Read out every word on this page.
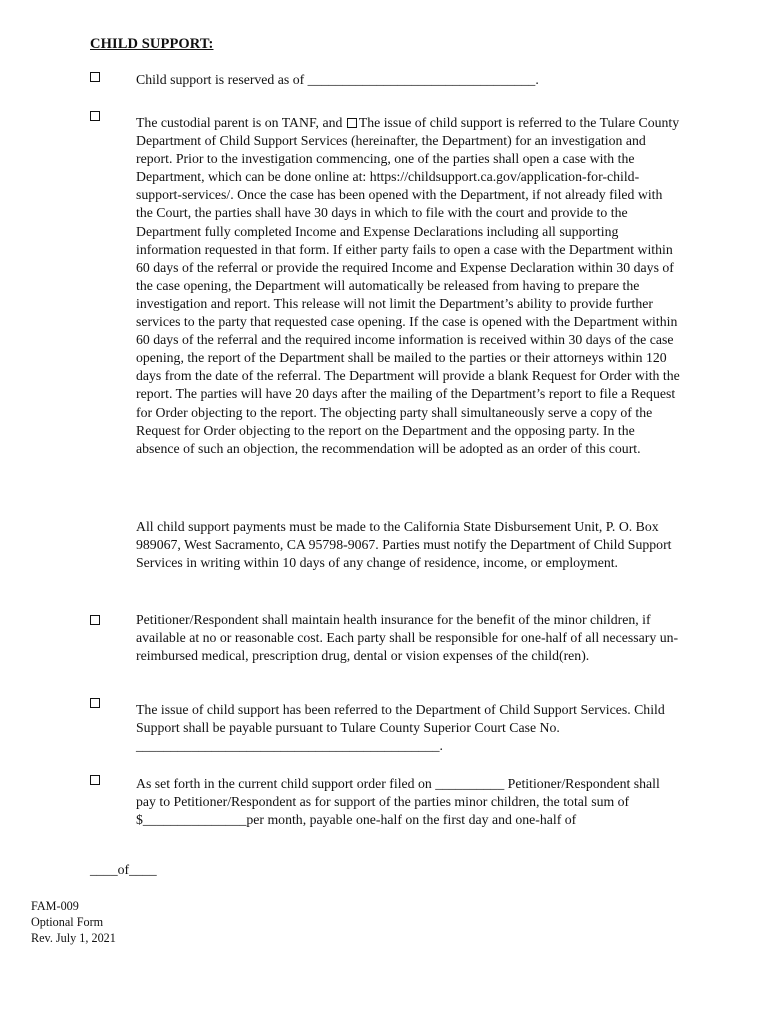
CHILD SUPPORT:

Child support is reserved as of _________________________________.

The custodial parent is on TANF, and The issue of child support is referred to the Tulare County Department of Child Support Services (hereinafter, the Department) for an investigation and report. Prior to the investigation commencing, one of the parties shall open a case with the Department, which can be done online at: https://childsupport.ca.gov/application-for-child-support-services/. Once the case has been opened with the Department, if not already filed with the Court, the parties shall have 30 days in which to file with the court and provide to the Department fully completed Income and Expense Declarations including all supporting information requested in that form. If either party fails to open a case with the Department within 60 days of the referral or provide the required Income and Expense Declaration within 30 days of the case opening, the Department will automatically be released from having to prepare the investigation and report. This release will not limit the Department’s ability to provide further services to the party that requested case opening. If the case is opened with the Department within 60 days of the referral and the required income information is received within 30 days of the case opening, the report of the Department shall be mailed to the parties or their attorneys within 120 days from the date of the referral. The Department will provide a blank Request for Order with the report. The parties will have 20 days after the mailing of the Department’s report to file a Request for Order objecting to the report. The objecting party shall simultaneously serve a copy of the Request for Order objecting to the report on the Department and the opposing party. In the absence of such an objection, the recommendation will be adopted as an order of this court.

All child support payments must be made to the California State Disbursement Unit, P. O. Box 989067, West Sacramento, CA 95798-9067. Parties must notify the Department of Child Support Services in writing within 10 days of any change of residence, income, or employment.

Petitioner/Respondent shall maintain health insurance for the benefit of the minor children, if available at no or reasonable cost. Each party shall be responsible for one-half of all necessary un-reimbursed medical, prescription drug, dental or vision expenses of the child(ren).

The issue of child support has been referred to the Department of Child Support Services. Child Support shall be payable pursuant to Tulare County Superior Court Case No. ____________________________________________.

As set forth in the current child support order filed on __________ Petitioner/Respondent shall pay to Petitioner/Respondent as for support of the parties minor children, the total sum of $_______________per month, payable one-half on the first day and one-half of

____of____
FAM-009
Optional Form
Rev. July 1, 2021
